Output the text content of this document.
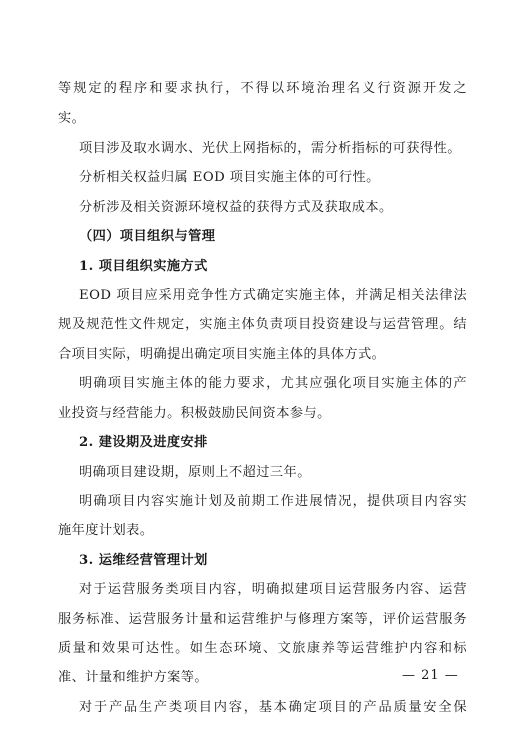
等规定的程序和要求执行，不得以环境治理名义行资源开发之
实。
项目涉及取水调水、光伏上网指标的，需分析指标的可获得性。
分析相关权益归属 EOD 项目实施主体的可行性。
分析涉及相关资源环境权益的获得方式及获取成本。
（四）项目组织与管理
1. 项目组织实施方式
EOD 项目应采用竞争性方式确定实施主体，并满足相关法律法
规及规范性文件规定，实施主体负责项目投资建设与运营管理。结
合项目实际，明确提出确定项目实施主体的具体方式。
明确项目实施主体的能力要求，尤其应强化项目实施主体的产
业投资与经营能力。积极鼓励民间资本参与。
2. 建设期及进度安排
明确项目建设期，原则上不超过三年。
明确项目内容实施计划及前期工作进展情况，提供项目内容实
施年度计划表。
3. 运维经营管理计划
对于运营服务类项目内容，明确拟建项目运营服务内容、运营
服务标准、运营服务计量和运营维护与修理方案等，评价运营服务
质量和效果可达性。如生态环境、文旅康养等运营维护内容和标
准、计量和维护方案等。
对于产品生产类项目内容，基本确定项目的产品质量安全保
— 21 —
